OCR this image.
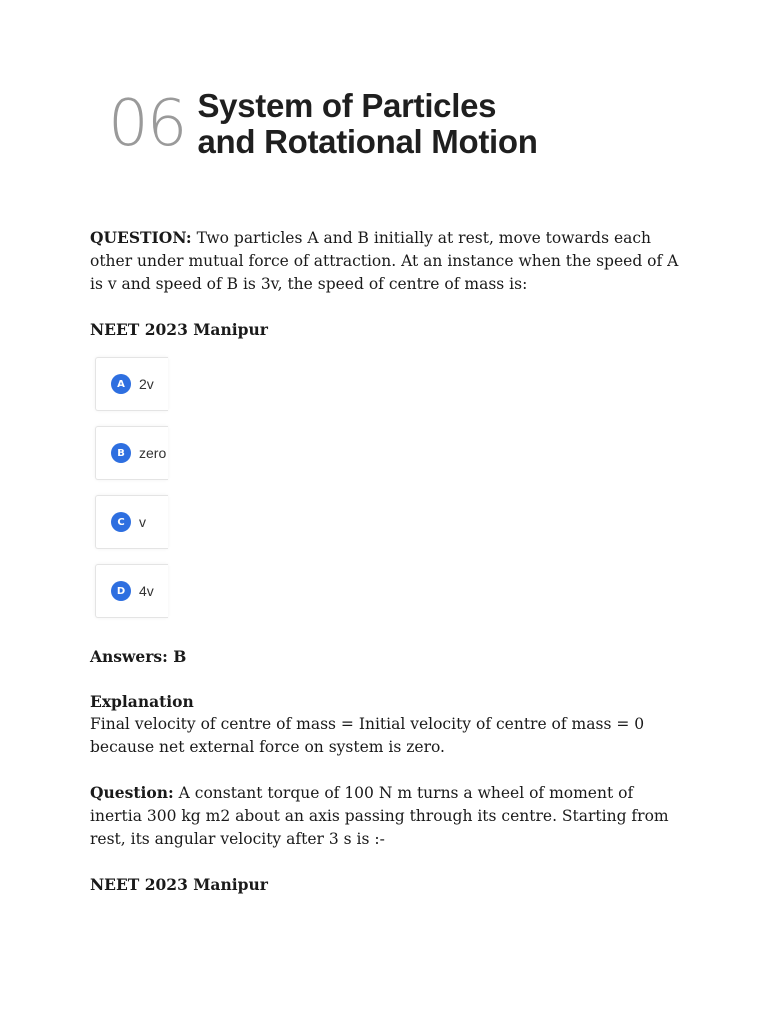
06 System of Particles
and Rotational Motion

QUESTION: Two particles A and B initially at rest, move towards each other under mutual force of attraction. At an instance when the speed of A is v and speed of B is 3v, the speed of centre of mass is:

NEET 2023 Manipur

A	2v
B	zero
C	v
D 4v

Answers: B

Explanation

Final velocity of centre of mass = Initial velocity of centre of mass = 0 because net external force on system is zero.

Question: A constant torque of 100 N m turns a wheel of moment of inertia 300 kg m2 about an axis passing through its centre. Starting from rest, its angular velocity after 3 s is :-

NEET 2023 Manipur
